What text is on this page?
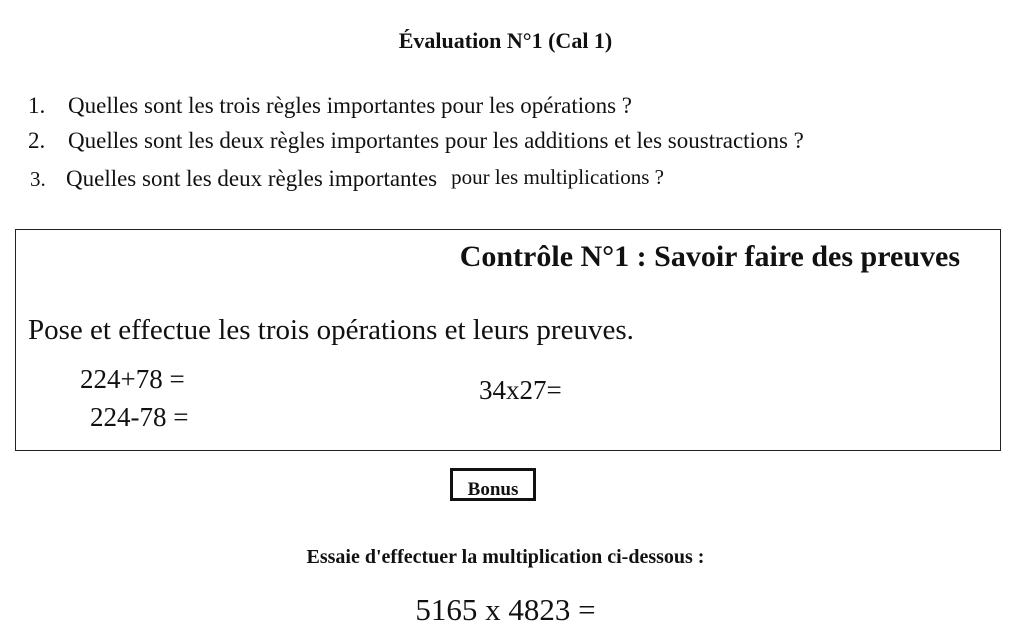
Évaluation N°1 (Cal 1)
1. Quelles sont les trois règles importantes pour les opérations ?
2. Quelles sont les deux règles importantes pour les additions et les soustractions ?
3. Quelles sont les deux règles importantes pour les multiplications ?
Contrôle N°1 : Savoir faire des preuves
Pose et effectue les trois opérations et leurs preuves.
224+78 =
224-78 =
34x27=
Bonus
Essaie d'effectuer la multiplication ci-dessous :
5165 x 4823 =
